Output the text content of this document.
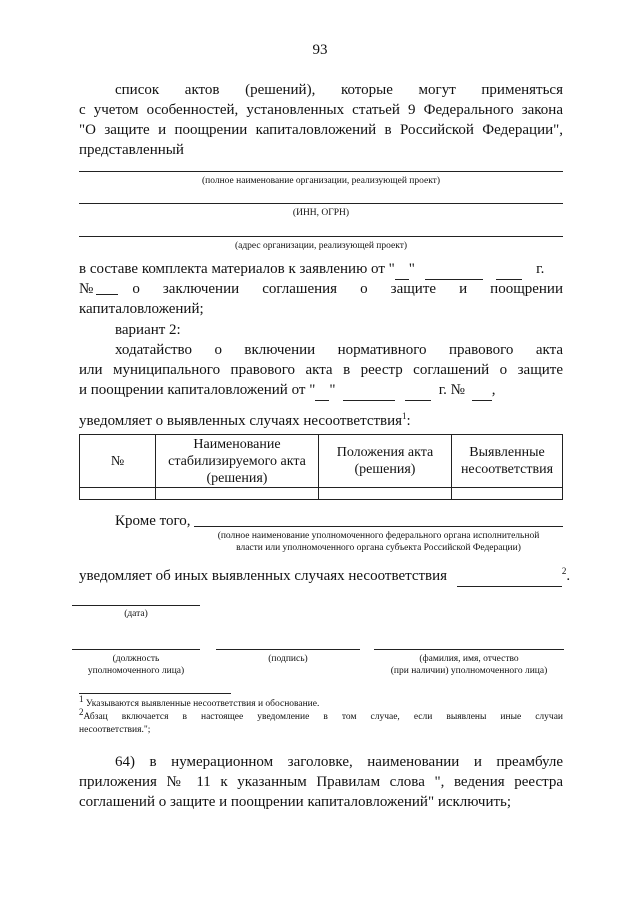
93
список актов (решений), которые могут применяться
с учетом особенностей, установленных статьей 9 Федерального закона
"О защите и поощрении капиталовложений в Российской Федерации",
представленный
(полное наименование организации, реализующей проект)
(ИНН, ОГРН)
(адрес организации, реализующей проект)
в составе комплекта материалов к заявлению от " "	г.
№	о заключении соглашения о защите и поощрении
капиталовложений;
вариант 2:
ходатайство о включении нормативного правового акта
или муниципального правового акта в реестр соглашений о защите
и поощрении капиталовложений от " "	г. № ,
уведомляет о выявленных случаях несоответствия$^1$:
№	Наименование стабилизируемого акта (решения)	Положения акта (решения)	Выявленные несоответствия

Кроме того,
(полное наименование уполномоченного федерального органа исполнительной
власти или уполномоченного органа субъекта Российской Федерации)
уведомляет об иных выявленных случаях несоответствия	$^2$.
(дата)
(должность
уполномоченного лица)
(подпись)	(фамилия, имя, отчество
(при наличии) уполномоченного лица)
$^1$ Указываются выявленные несоответствия и обоснование.
$^2$Абзац включается в настоящее уведомление в том случае, если выявлены иные случаи
несоответствия.";
64) в нумерационном заголовке, наименовании и преамбуле
приложения № 11 к указанным Правилам слова ", ведения реестра
соглашений о защите и поощрении капиталовложений" исключить;
